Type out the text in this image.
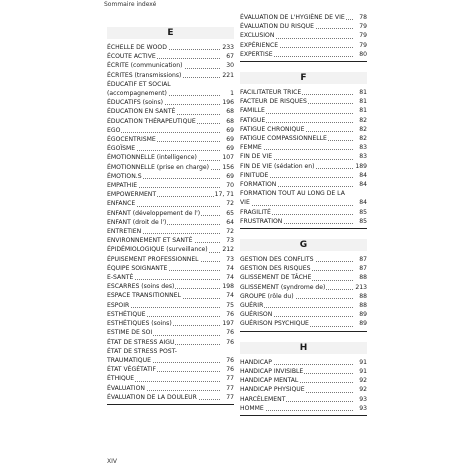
Sommaire indexé
E
ÉCHELLE DE WOOD	233
ÉCOUTE ACTIVE	67
ÉCRITE (communication)	30
ÉCRITES (transmissions)	221
ÉDUCATIF ET SOCIAL (accompagnement)	1
ÉDUCATIFS (soins)	196
ÉDUCATION EN SANTÉ	68
ÉDUCATION THÉRAPEUTIQUE	68
EGO	69
ÉGOCENTRISME	69
ÉGOÏSME	69
ÉMOTIONNELLE (intelligence)	107
ÉMOTIONNELLE (prise en charge) 156
ÉMOTION.S	69
EMPATHIE	70
EMPOWERMENT	17, 71
ENFANCE	72
ENFANT (développement de l')	65
ENFANT (droit de l')	64
ENTRETIEN	72
ENVIRONNEMENT ET SANTÉ	73
ÉPIDÉMIOLOGIQUE (surveillance) 212
ÉPUISEMENT PROFESSIONNEL	73
ÉQUIPE SOIGNANTE	74
E-SANTÉ	74
ESCARRES (soins des)	198
ESPACE TRANSITIONNEL	74
ESPOIR	75
ESTHÉTIQUE	76
ESTHÉTIQUES (soins)	197
ESTIME DE SOI	76
ÉTAT DE STRESS AIGU	76
ÉTAT DE STRESS POST-TRAUMATIQUE	76
ÉTAT VÉGÉTATIF	76
ÉTHIQUE	77
ÉVALUATION	77
ÉVALUATION DE LA DOULEUR	77
ÉVALUATION DE L'HYGIÈNE DE VIE 78
ÉVALUATION DU RISQUE	79
EXCLUSION	79
EXPÉRIENCE	79
EXPERTISE	80
F
FACILITATEUR TRICE	81
FACTEUR DE RISQUES	81
FAMILLE	81
FATIGUE	82
FATIGUE CHRONIQUE	82
FATIGUE COMPASSIONNELLE	82
FEMME	83
FIN DE VIE	83
FIN DE VIE (sédation en)	189
FINITUDE	84
FORMATION	84
FORMATION TOUT AU LONG DE LA VIE	84
FRAGILITÉ	85
FRUSTRATION	85
G
GESTION DES CONFLITS	87
GESTION DES RISQUES	87
GLISSEMENT DE TÂCHE	88
GLISSEMENT (syndrome de)	213
GROUPE (rôle du)	88
GUÉRIR	88
GUÉRISON	89
GUÉRISON PSYCHIQUE	89
H
HANDICAP	91
HANDICAP INVISIBLE	91
HANDICAP MENTAL	92
HANDICAP PHYSIQUE	92
HARCÈLEMENT	93
HOMME	93
XIV
